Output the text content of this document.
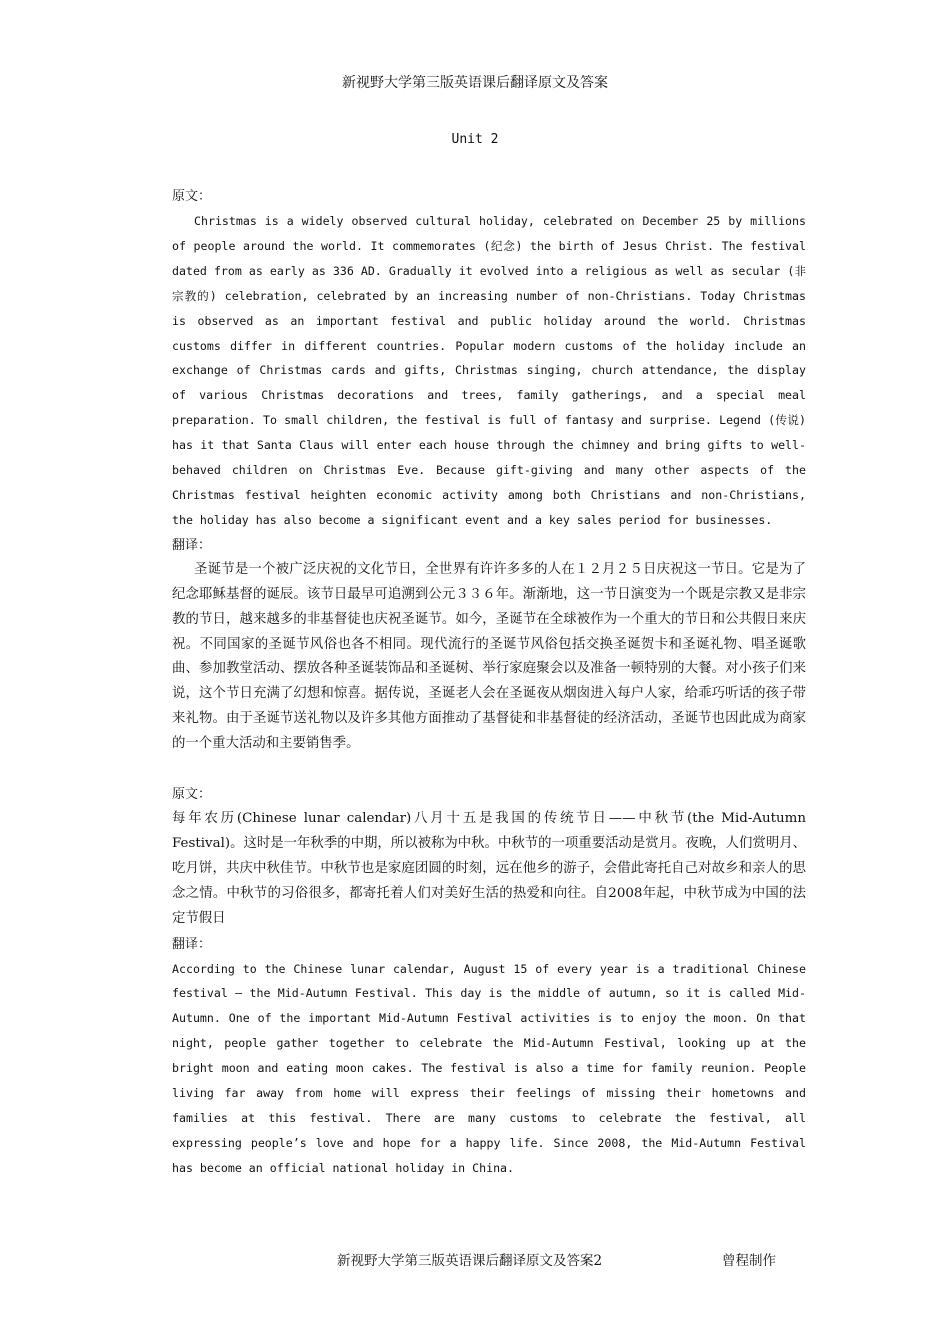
新视野大学第三版英语课后翻译原文及答案
Unit 2
原文：

Christmas is a widely observed cultural holiday, celebrated on December 25 by millions of people around the world. It commemorates (纪念) the birth of Jesus Christ. The festival dated from as early as 336 AD. Gradually it evolved into a religious as well as secular (非宗教的) celebration, celebrated by an increasing number of non-Christians. Today Christmas is observed as an important festival and public holiday around the world. Christmas customs differ in different countries. Popular modern customs of the holiday include an exchange of Christmas cards and gifts, Christmas singing, church attendance, the display of various Christmas decorations and trees, family gatherings, and a special meal preparation. To small children, the festival is full of fantasy and surprise. Legend (传说) has it that Santa Claus will enter each house through the chimney and bring gifts to well-behaved children on Christmas Eve. Because gift-giving and many other aspects of the Christmas festival heighten economic activity among both Christians and non-Christians, the holiday has also become a significant event and a key sales period for businesses.

翻译：

圣诞节是一个被广泛庆祝的文化节日，全世界有许许多多的人在１２月２５日庆祝这一节日。它是为了纪念耶稣基督的诞辰。该节日最早可追溯到公元３３６年。渐渐地，这一节日演变为一个既是宗教又是非宗教的节日，越来越多的非基督徒也庆祝圣诞节。如今，圣诞节在全球被作为一个重大的节日和公共假日来庆祝。不同国家的圣诞节风俗也各不相同。现代流行的圣诞节风俗包括交换圣诞贺卡和圣诞礼物、唱圣诞歌曲、参加教堂活动、摆放各种圣诞装饰品和圣诞树、举行家庭聚会以及准备一顿特别的大餐。对小孩子们来说，这个节日充满了幻想和惊喜。据传说，圣诞老人会在圣诞夜从烟囱进入每户人家，给乖巧听话的孩子带来礼物。由于圣诞节送礼物以及许多其他方面推动了基督徒和非基督徒的经济活动，圣诞节也因此成为商家的一个重大活动和主要销售季。

原文：

每年农历(Chinese lunar calendar)八月十五是我国的传统节日——中秋节(the Mid-Autumn Festival)。这时是一年秋季的中期，所以被称为中秋。中秋节的一项重要活动是赏月。夜晚，人们赏明月、吃月饼，共庆中秋佳节。中秋节也是家庭团圆的时刻，远在他乡的游子，会借此寄托自己对故乡和亲人的思念之情。中秋节的习俗很多，都寄托着人们对美好生活的热爱和向往。自2008年起，中秋节成为中国的法定节假日

翻译：

According to the Chinese lunar calendar, August 15 of every year is a traditional Chinese festival — the Mid-Autumn Festival. This day is the middle of autumn, so it is called Mid-Autumn. One of the important Mid-Autumn Festival activities is to enjoy the moon. On that night, people gather together to celebrate the Mid-Autumn Festival, looking up at the bright moon and eating moon cakes. The festival is also a time for family reunion. People living far away from home will express their feelings of missing their hometowns and families at this festival. There are many customs to celebrate the festival, all expressing people’s love and hope for a happy life. Since 2008, the Mid-Autumn Festival has become an official national holiday in China.

新视野大学第三版英语课后翻译原文及答案2	曾程制作
